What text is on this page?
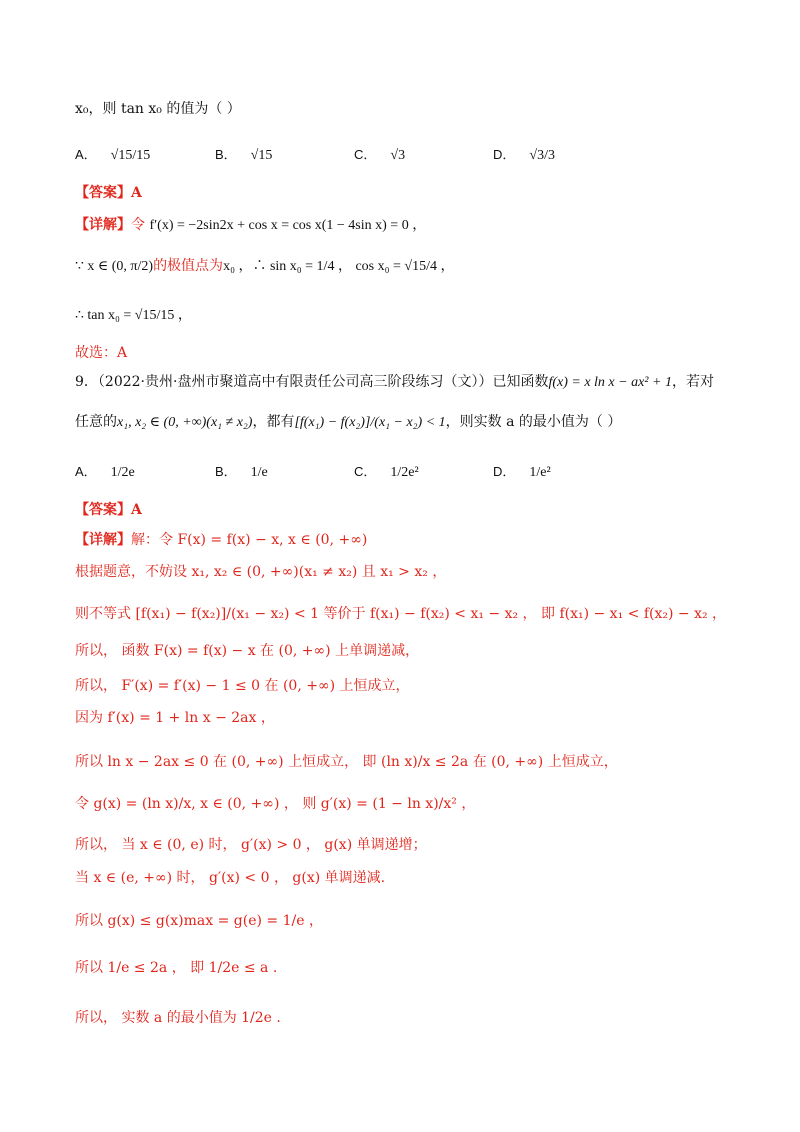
x₀，则 tan x₀ 的值为（ ）
A． √15/15	B． √15	C． √3	D． √3/3
【答案】A
【详解】令 f′(x) = −2sin2x + cos x = cos x(1 − 4sin x) = 0 ，
∵ x ∈ (0, π/2)的极值点为x₀ ，∴ sin x₀ = 1/4 ， cos x₀ = √15/4 ，
∴ tan x₀ = √15/15 ，
故选：A
9．（2022·贵州·盘州市聚道高中有限责任公司高三阶段练习（文））已知函数f(x) = x ln x − ax² + 1，若对
任意的x₁, x₂ ∈ (0, +∞)(x₁ ≠ x₂)，都有[f(x₁) − f(x₂)]/(x₁ − x₂) < 1，则实数 a 的最小值为（ ）
A． 1/2e	B． 1/e	C． 1/2e²	D． 1/e²
【答案】A
【详解】解：令 F(x) = f(x) − x, x ∈ (0, +∞)
根据题意，不妨设 x₁, x₂ ∈ (0, +∞)(x₁ ≠ x₂) 且 x₁ > x₂ ，
则不等式 [f(x₁) − f(x₂)]/(x₁ − x₂) < 1 等价于 f(x₁) − f(x₂) < x₁ − x₂ ， 即 f(x₁) − x₁ < f(x₂) − x₂ ，
所以， 函数 F(x) = f(x) − x 在 (0, +∞) 上单调递减，
所以， F′(x) = f′(x) − 1 ≤ 0 在 (0, +∞) 上恒成立，
因为 f′(x) = 1 + ln x − 2ax ，
所以 ln x − 2ax ≤ 0 在 (0, +∞) 上恒成立， 即 (ln x)/x ≤ 2a 在 (0, +∞) 上恒成立，
令 g(x) = (ln x)/x, x ∈ (0, +∞) ， 则 g′(x) = (1 − ln x)/x² ，
所以， 当 x ∈ (0, e) 时， g′(x) > 0 ， g(x) 单调递增；
当 x ∈ (e, +∞) 时， g′(x) < 0 ， g(x) 单调递减.
所以 g(x) ≤ g(x)max = g(e) = 1/e ，
所以 1/e ≤ 2a ， 即 1/2e ≤ a .
所以， 实数 a 的最小值为 1/2e .
